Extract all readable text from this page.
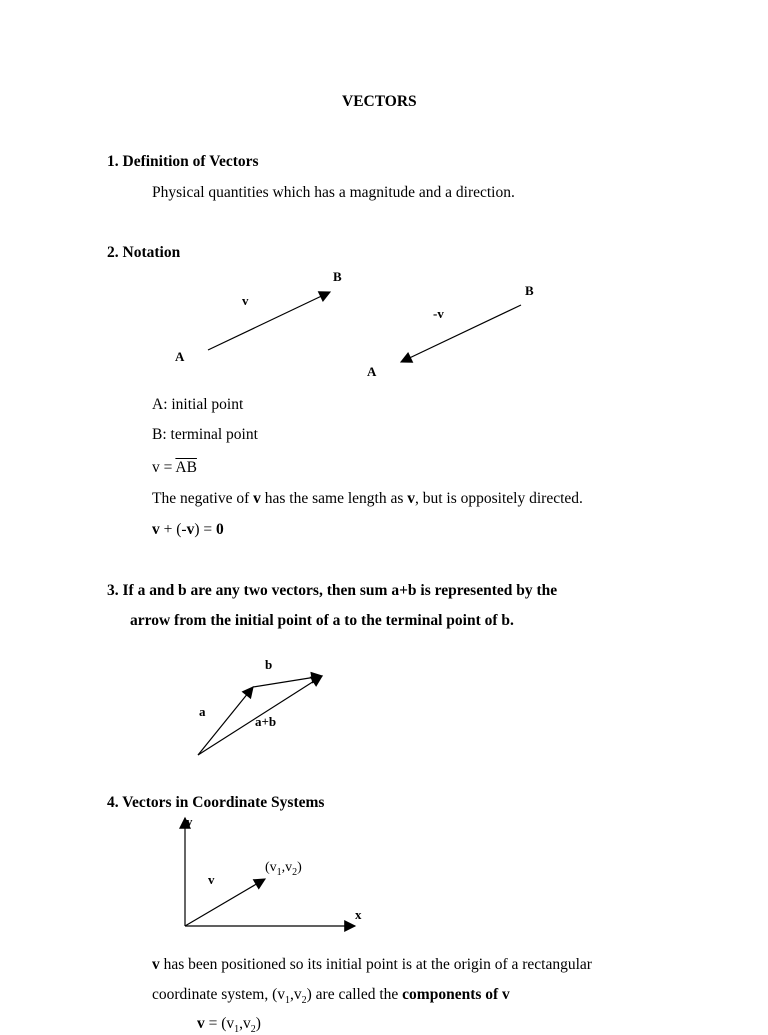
VECTORS
1. Definition of Vectors
Physical quantities which has a magnitude and a direction.
2. Notation
B
v
A
B
-v
A
A: initial point
B: terminal point
$v = \overline{AB}$
The negative of v has the same length as v, but is oppositely directed.
v + (-v) = 0
3. If a and b are any two vectors, then sum a+b is represented by the
arrow from the initial point of a to the terminal point of b.
b
a
a+b
4. Vectors in Coordinate Systems
y
x
v
$(v_1,v_2)$
v has been positioned so its initial point is at the origin of a rectangular
coordinate system, $(v_1,v_2)$ are called the components of v
$v = (v_1,v_2)$
